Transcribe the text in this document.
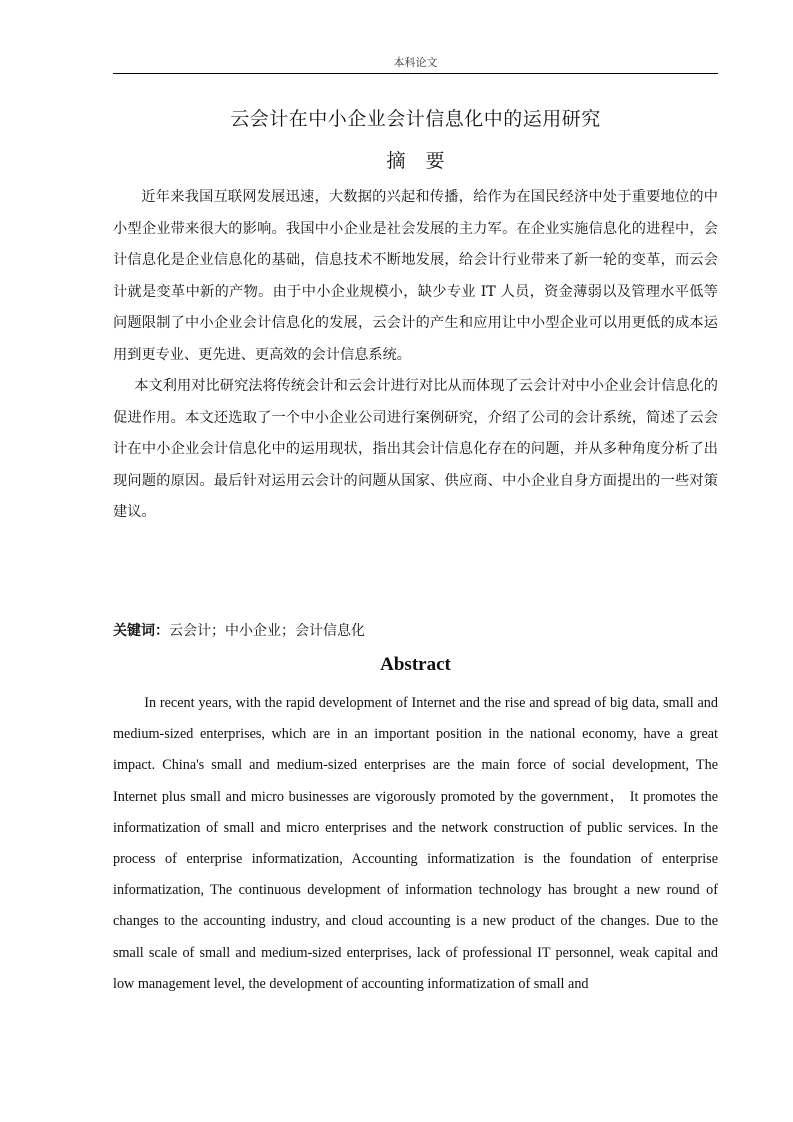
本科论文
云会计在中小企业会计信息化中的运用研究
摘要

近年来我国互联网发展迅速，大数据的兴起和传播，给作为在国民经济中处于重要地位的中小型企业带来很大的影响。我国中小企业是社会发展的主力军。在企业实施信息化的进程中，会计信息化是企业信息化的基础，信息技术不断地发展，给会计行业带来了新一轮的变革，而云会计就是变革中新的产物。由于中小企业规模小，缺少专业 IT 人员，资金薄弱以及管理水平低等问题限制了中小企业会计信息化的发展，云会计的产生和应用让中小型企业可以用更低的成本运用到更专业、更先进、更高效的会计信息系统。

本文利用对比研究法将传统会计和云会计进行对比从而体现了云会计对中小企业会计信息化的促进作用。本文还选取了一个中小企业公司进行案例研究，介绍了公司的会计系统，简述了云会计在中小企业会计信息化中的运用现状，指出其会计信息化存在的问题，并从多种角度分析了出现问题的原因。最后针对运用云会计的问题从国家、供应商、中小企业自身方面提出的一些对策建议。

关键词：云会计；中小企业；会计信息化
Abstract

In recent years, with the rapid development of Internet and the rise and spread of big data, small and medium-sized enterprises, which are in an important position in the national economy, have a great impact. China's small and medium-sized enterprises are the main force of social development, The Internet plus small and micro businesses are vigorously promoted by the government， It promotes the informatization of small and micro enterprises and the network construction of public services. In the process of enterprise informatization, Accounting informatization is the foundation of enterprise informatization, The continuous development of information technology has brought a new round of changes to the accounting industry, and cloud accounting is a new product of the changes. Due to the small scale of small and medium-sized enterprises, lack of professional IT personnel, weak capital and low management level, the development of accounting informatization of small and
